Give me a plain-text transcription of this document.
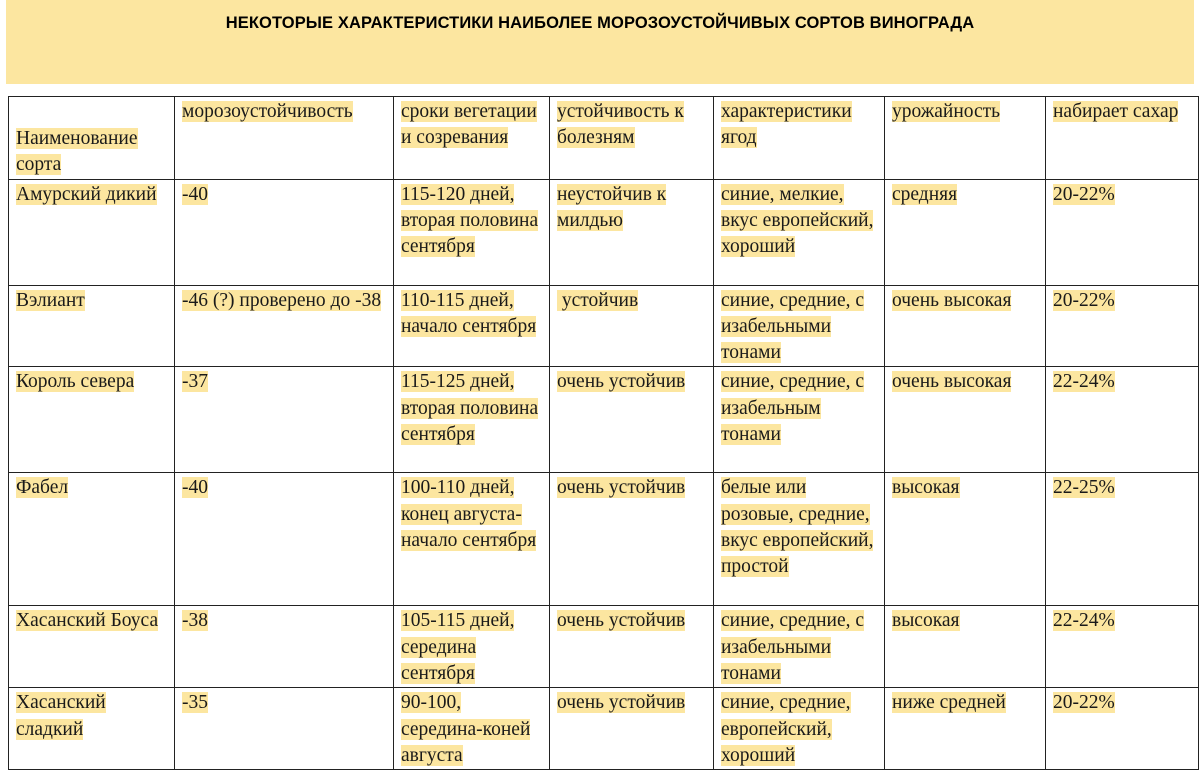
НЕКОТОРЫЕ ХАРАКТЕРИСТИКИ НАИБОЛЕЕ МОРОЗОУСТОЙЧИВЫХ СОРТОВ ВИНОГРАДА
Наименование сорта	морозоустойчивость	сроки вегетации и созревания	устойчивость к болезням	характеристики ягод	урожайность	набирает сахар
Амурский дикий	-40	115-120 дней, вторая половина сентября	неустойчив к милдью	синие, мелкие, вкус европейский, хороший	средняя	20-22%
Вэлиант	-46 (?) проверено до -38	110-115 дней, начало сентября	устойчив	синие, средние, с изабельными тонами	очень высокая	20-22%
Король севера	-37	115-125 дней, вторая половина сентября	очень устойчив	синие, средние, с изабельным тонами	очень высокая	22-24%
Фабел	-40	100-110 дней, конец августа-начало сентября	очень устойчив	белые или розовые, средние, вкус европейский, простой	высокая	22-25%
Хасанский Боуса	-38	105-115 дней, середина сентября	очень устойчив	синие, средние, с изабельными тонами	высокая	22-24%
Хасанский сладкий	-35	90-100, середина-коней августа	очень устойчив	синие, средние, европейский, хороший	ниже средней	20-22%
